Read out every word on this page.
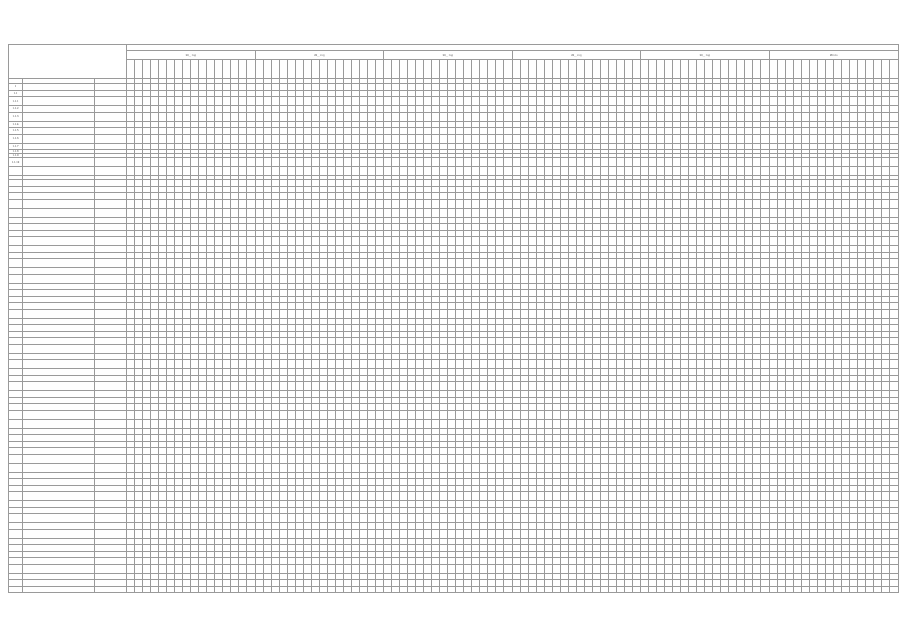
20__ год	20__ год	20__ год	20__ год	20__ год	Итого

1																																																																																																		
1.1																																																																																																		
1.1.1																																																																																																		
1.1.2																																																																																																		
1.1.3																																																																																																		
1.1.4																																																																																																		
1.1.5																																																																																																		
1.1.6																																																																																																		
1.1.7																																																																																																		
1.1.8																																																																																																		
1.1.9																																																																																																		
1.1.10																																																																																																		
